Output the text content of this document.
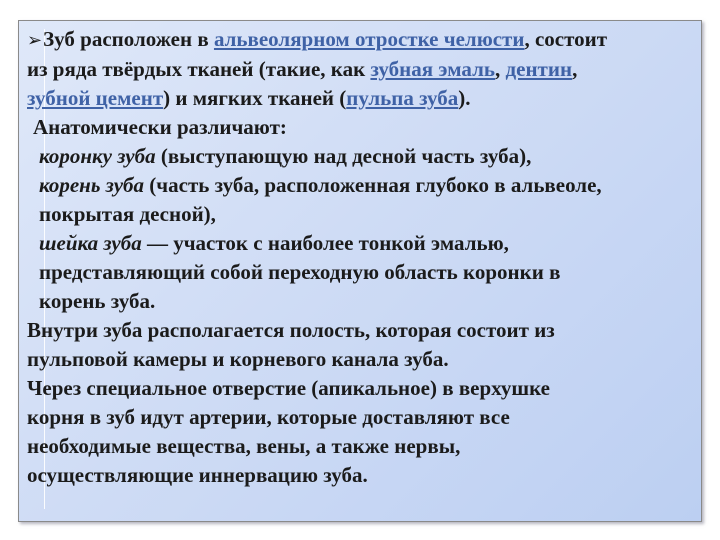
➢Зуб расположен в альвеолярном отростке челюсти, состоит
из ряда твёрдых тканей (такие, как зубная эмаль, дентин,
зубной цемент) и мягких тканей (пульпа зуба).
Анатомически различают:
коронку зуба (выступающую над десной часть зуба),
корень зуба (часть зуба, расположенная глубоко в альвеоле,
покрытая десной),
шейка зуба — участок с наиболее тонкой эмалью,
представляющий собой переходную область коронки в
корень зуба.
Внутри зуба располагается полость, которая состоит из
пульповой камеры и корневого канала зуба.
Через специальное отверстие (апикальное) в верхушке
корня в зуб идут артерии, которые доставляют все
необходимые вещества, вены, а также нервы,
осуществляющие иннервацию зуба.
